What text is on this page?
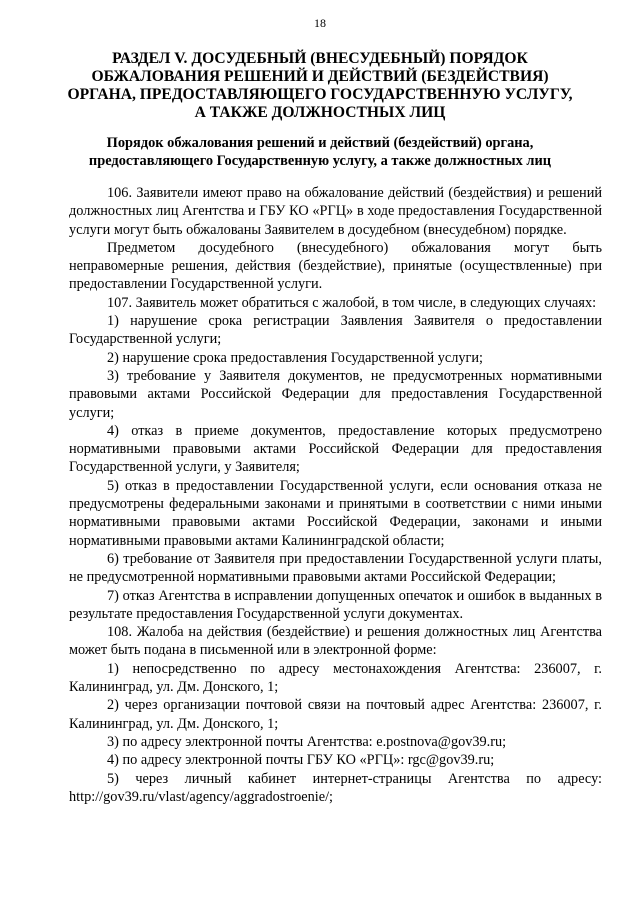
18
РАЗДЕЛ V. ДОСУДЕБНЫЙ (ВНЕСУДЕБНЫЙ) ПОРЯДОК ОБЖАЛОВАНИЯ РЕШЕНИЙ И ДЕЙСТВИЙ (БЕЗДЕЙСТВИЯ) ОРГАНА, ПРЕДОСТАВЛЯЮЩЕГО ГОСУДАРСТВЕННУЮ УСЛУГУ, А ТАКЖЕ ДОЛЖНОСТНЫХ ЛИЦ
Порядок обжалования решений и действий (бездействий) органа, предоставляющего Государственную услугу, а также должностных лиц

106. Заявители имеют право на обжалование действий (бездействия) и решений должностных лиц Агентства и ГБУ КО «РГЦ» в ходе предоставления Государственной услуги могут быть обжалованы Заявителем в досудебном (внесудебном) порядке.

Предметом досудебного (внесудебного) обжалования могут быть неправомерные решения, действия (бездействие), принятые (осуществленные) при предоставлении Государственной услуги.

107. Заявитель может обратиться с жалобой, в том числе, в следующих случаях:

1) нарушение срока регистрации Заявления Заявителя о предоставлении Государственной услуги;

2) нарушение срока предоставления Государственной услуги;

3) требование у Заявителя документов, не предусмотренных нормативными правовыми актами Российской Федерации для предоставления Государственной услуги;

4) отказ в приеме документов, предоставление которых предусмотрено нормативными правовыми актами Российской Федерации для предоставления Государственной услуги, у Заявителя;

5) отказ в предоставлении Государственной услуги, если основания отказа не предусмотрены федеральными законами и принятыми в соответствии с ними иными нормативными правовыми актами Российской Федерации, законами и иными нормативными правовыми актами Калининградской области;

6) требование от Заявителя при предоставлении Государственной услуги платы, не предусмотренной нормативными правовыми актами Российской Федерации;

7) отказ Агентства в исправлении допущенных опечаток и ошибок в выданных в результате предоставления Государственной услуги документах.

108. Жалоба на действия (бездействие) и решения должностных лиц Агентства может быть подана в письменной или в электронной форме:

1) непосредственно по адресу местонахождения Агентства: 236007, г. Калининград, ул. Дм. Донского, 1;

2) через организации почтовой связи на почтовый адрес Агентства: 236007, г. Калининград, ул. Дм. Донского, 1;

3) по адресу электронной почты Агентства: e.postnova@gov39.ru;

4) по адресу электронной почты ГБУ КО «РГЦ»: rgc@gov39.ru;

5) через личный кабинет интернет-страницы Агентства по адресу: http://gov39.ru/vlast/agency/aggradostroenie/;
